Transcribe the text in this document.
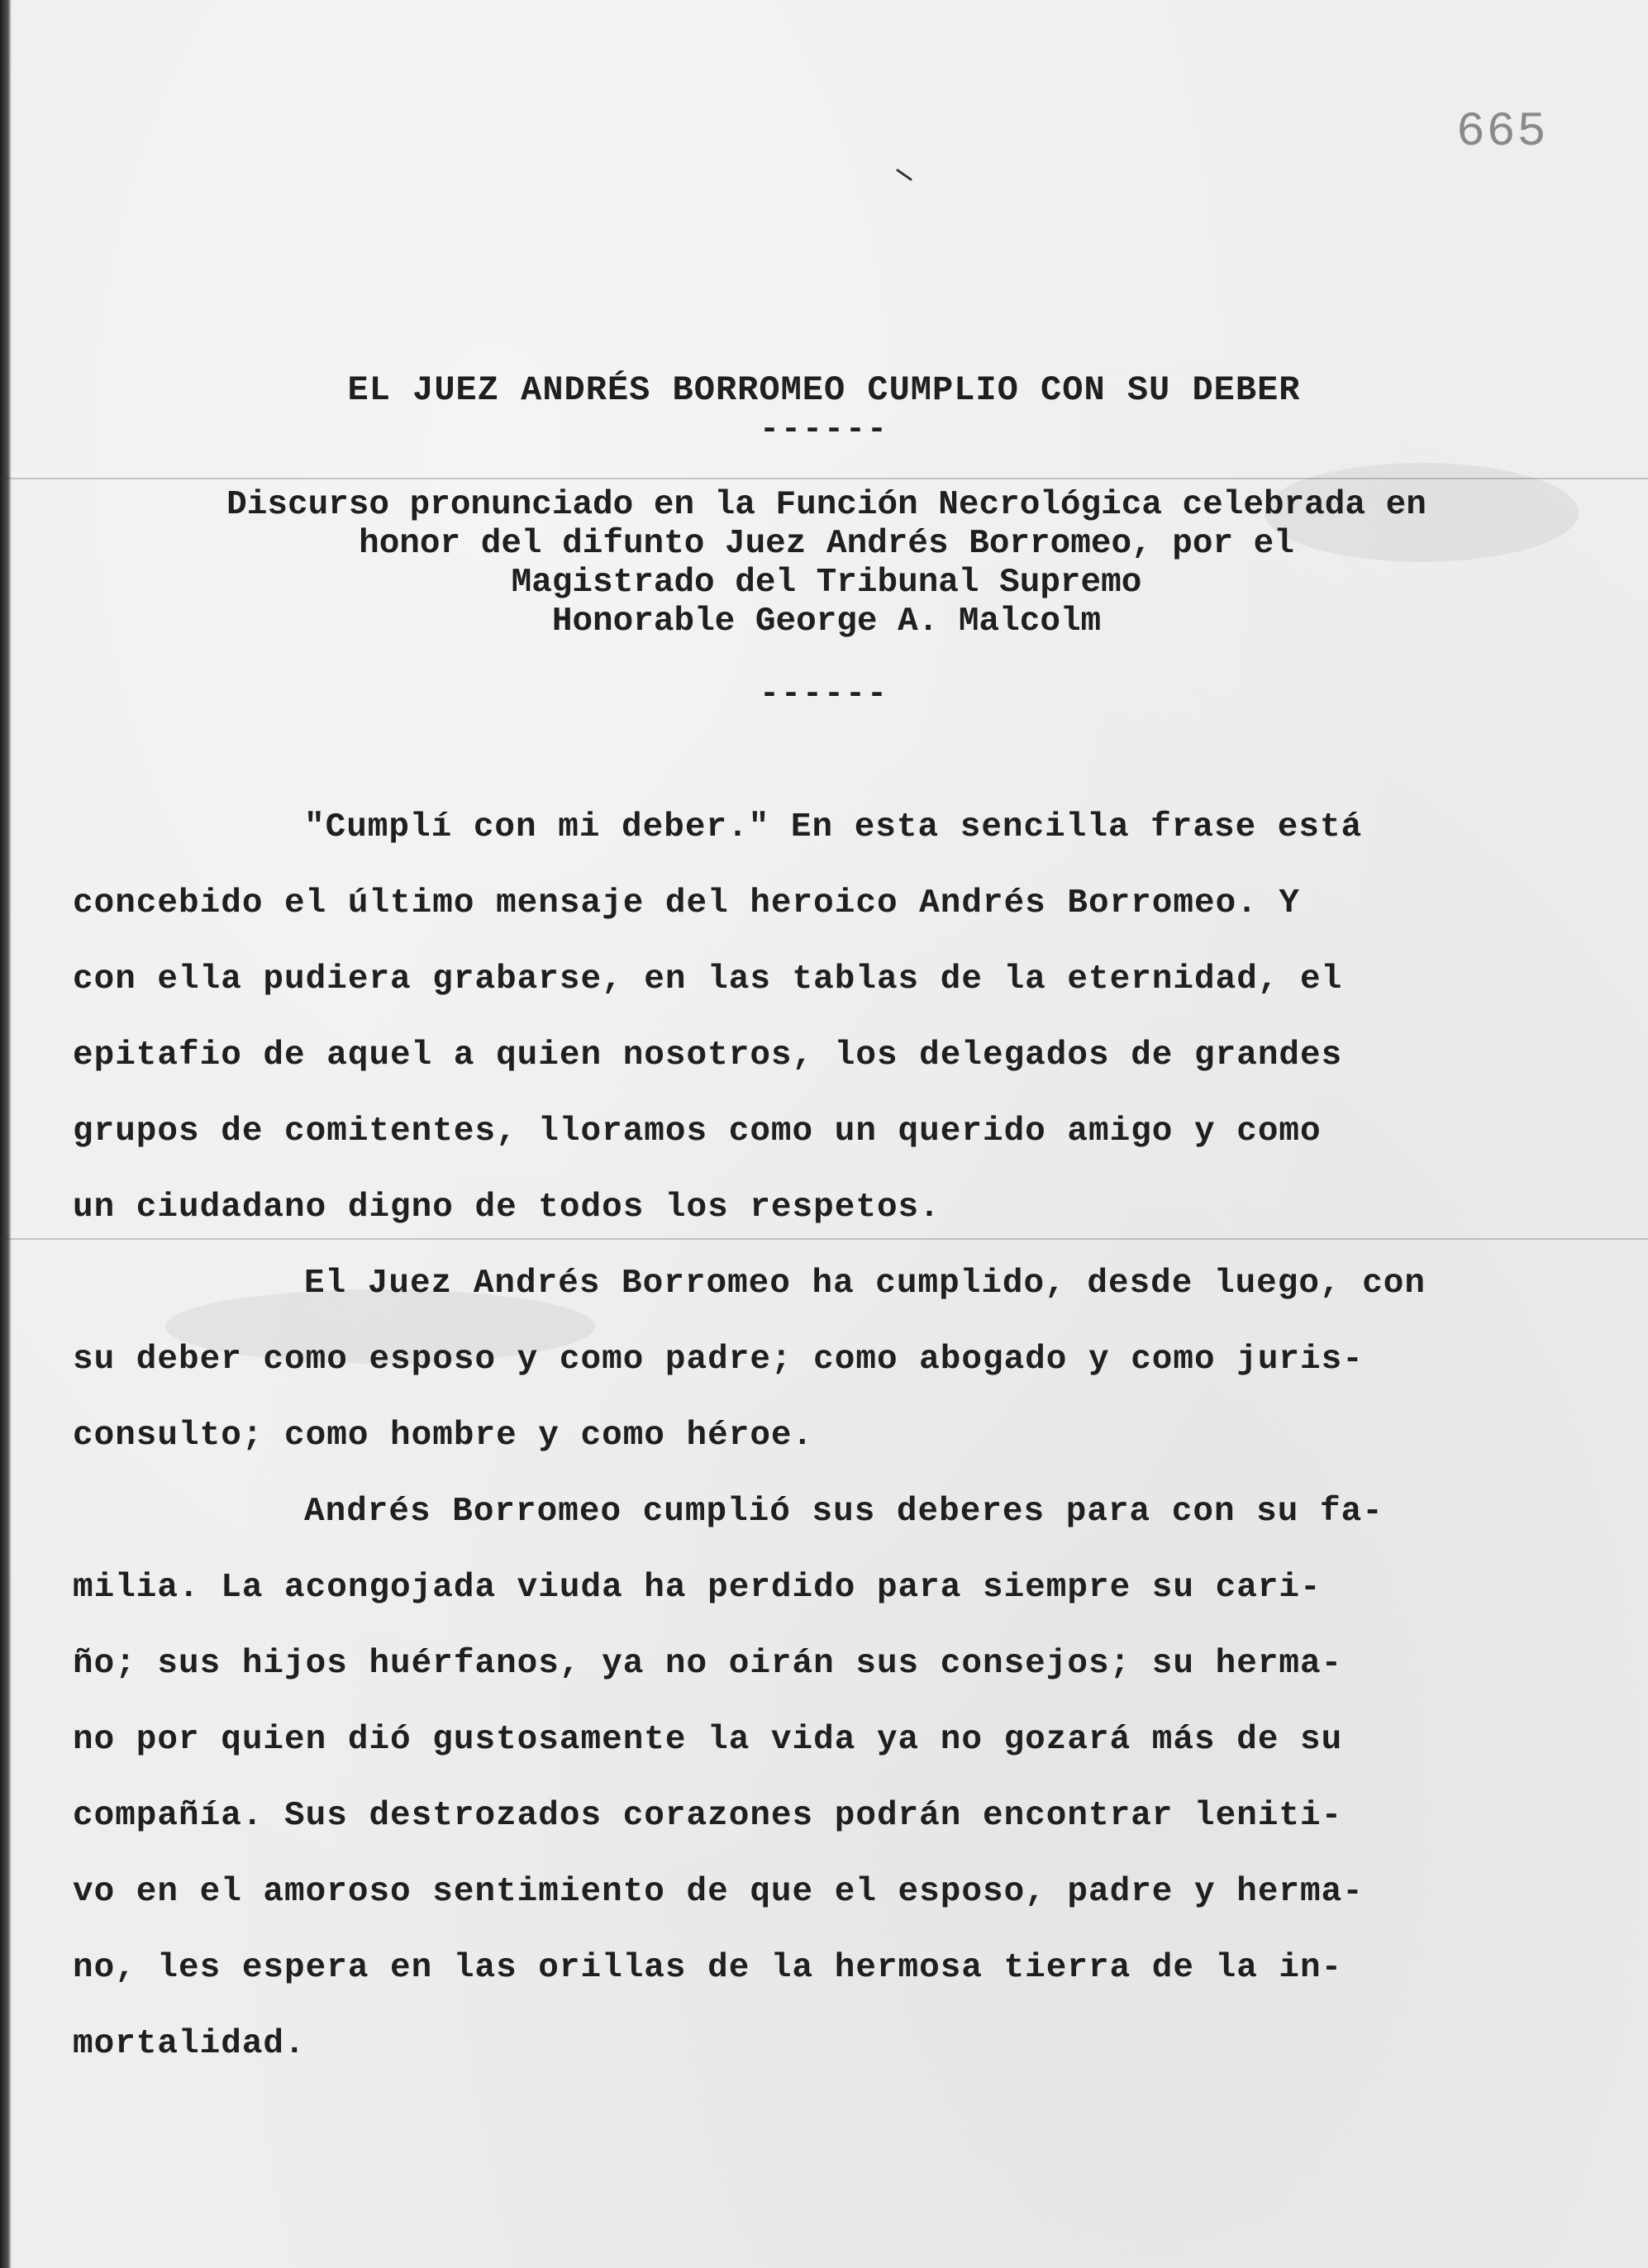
665
EL JUEZ ANDRÉS BORROMEO CUMPLIO CON SU DEBER
------
Discurso pronunciado en la Función Necrológica celebrada en
honor del difunto Juez Andrés Borromeo, por el
Magistrado del Tribunal Supremo
Honorable George A. Malcolm
------
"Cumplí con mi deber." En esta sencilla frase está
concebido el último mensaje del heroico Andrés Borromeo. Y
con ella pudiera grabarse, en las tablas de la eternidad, el
epitafio de aquel a quien nosotros, los delegados de grandes
grupos de comitentes, lloramos como un querido amigo y como
un ciudadano digno de todos los respetos.
El Juez Andrés Borromeo ha cumplido, desde luego, con
su deber como esposo y como padre; como abogado y como juris-
consulto; como hombre y como héroe.
Andrés Borromeo cumplió sus deberes para con su fa-
milia. La acongojada viuda ha perdido para siempre su cari-
ño; sus hijos huérfanos, ya no oirán sus consejos; su herma-
no por quien dió gustosamente la vida ya no gozará más de su
compañía. Sus destrozados corazones podrán encontrar leniti-
vo en el amoroso sentimiento de que el esposo, padre y herma-
no, les espera en las orillas de la hermosa tierra de la in-
mortalidad.
